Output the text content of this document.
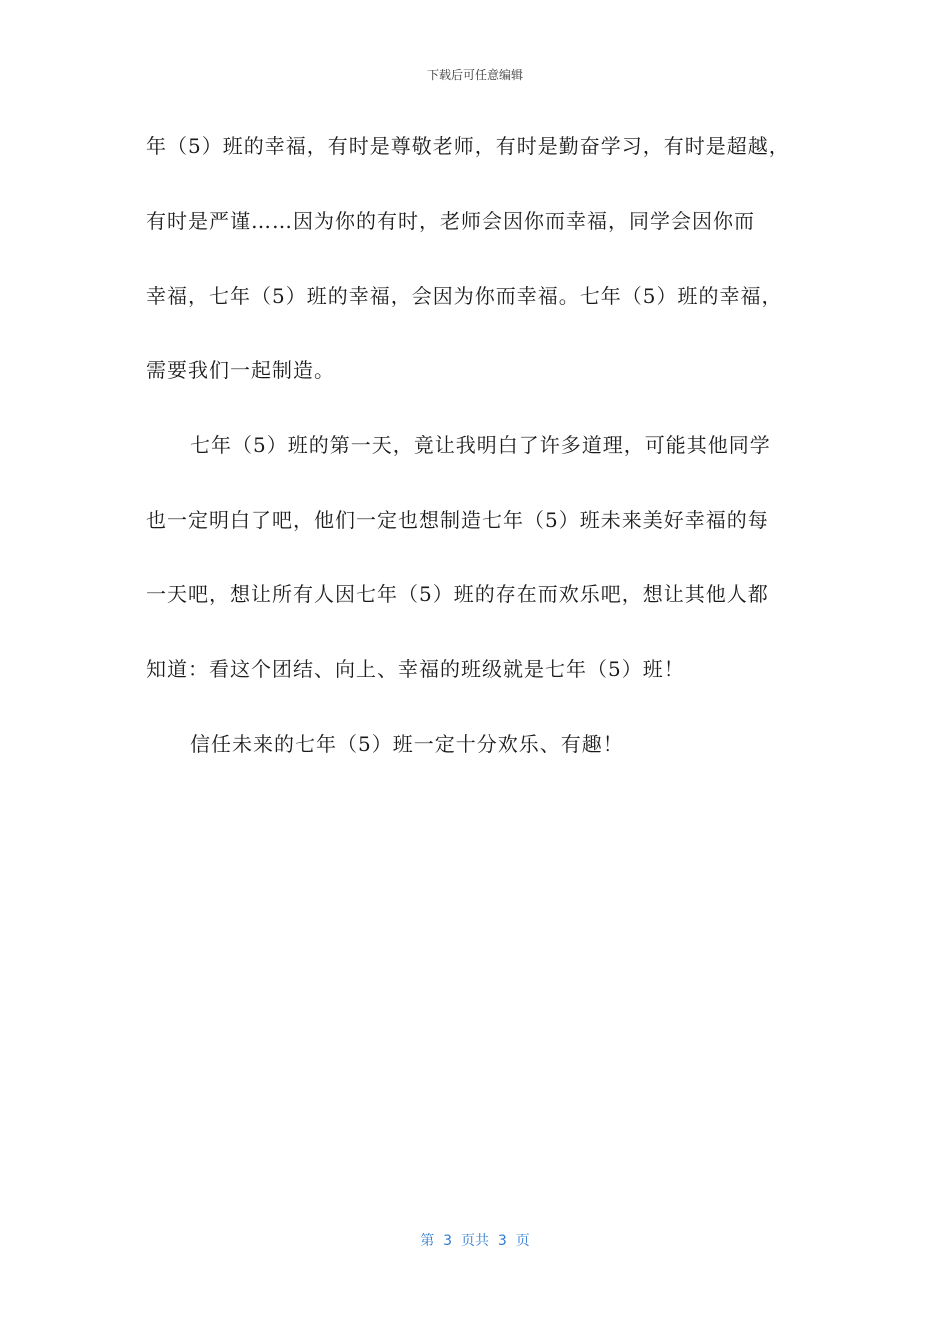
下载后可任意编辑
年（5）班的幸福，有时是尊敬老师，有时是勤奋学习，有时是超越，
有时是严谨……因为你的有时，老师会因你而幸福，同学会因你而
幸福，七年（5）班的幸福，会因为你而幸福。七年（5）班的幸福，
需要我们一起制造。
七年（5）班的第一天，竟让我明白了许多道理，可能其他同学
也一定明白了吧，他们一定也想制造七年（5）班未来美好幸福的每
一天吧，想让所有人因七年（5）班的存在而欢乐吧，想让其他人都
知道：看这个团结、向上、幸福的班级就是七年（5）班！
信任未来的七年（5）班一定十分欢乐、有趣！
第  3  页共  3  页
